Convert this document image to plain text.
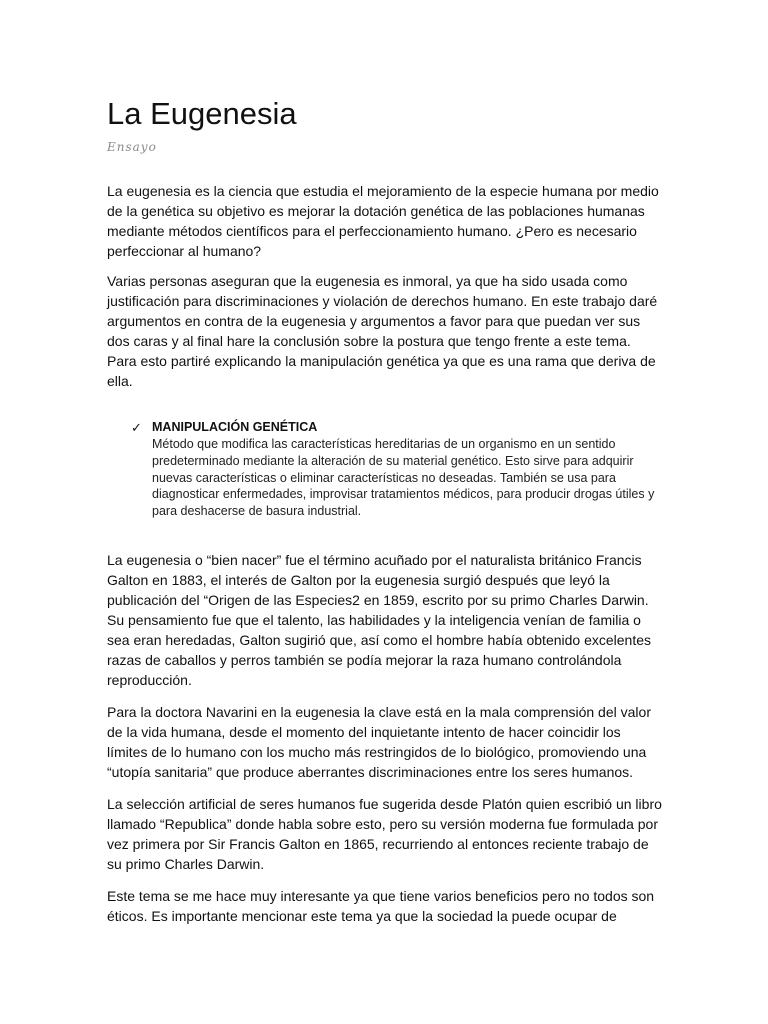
La Eugenesia
Ensayo

La eugenesia es la ciencia que estudia el mejoramiento de la especie humana por medio de la genética su objetivo es mejorar la dotación genética de las poblaciones humanas mediante métodos científicos para el perfeccionamiento humano. ¿Pero es necesario perfeccionar al humano?

Varias personas aseguran que la eugenesia es inmoral, ya que ha sido usada como justificación para discriminaciones y violación de derechos humano. En este trabajo daré argumentos en contra de la eugenesia y argumentos a favor para que puedan ver sus dos caras y al final hare la conclusión sobre la postura que tengo frente a este tema. Para esto partiré explicando la manipulación genética ya que es una rama que deriva de ella.

✓ MANIPULACIÓN GENÉTICA

Método que modifica las características hereditarias de un organismo en un sentido predeterminado mediante la alteración de su material genético. Esto sirve para adquirir nuevas características o eliminar características no deseadas. También se usa para diagnosticar enfermedades, improvisar tratamientos médicos, para producir drogas útiles y para deshacerse de basura industrial.

La eugenesia o “bien nacer” fue el término acuñado por el naturalista británico Francis Galton en 1883, el interés de Galton por la eugenesia surgió después que leyó la publicación del “Origen de las Especies2 en 1859, escrito por su primo Charles Darwin. Su pensamiento fue que el talento, las habilidades y la inteligencia venían de familia o sea eran heredadas, Galton sugirió que, así como el hombre había obtenido excelentes razas de caballos y perros también se podía mejorar la raza humano controlándola reproducción.

Para la doctora Navarini en la eugenesia la clave está en la mala comprensión del valor de la vida humana, desde el momento del inquietante intento de hacer coincidir los límites de lo humano con los mucho más restringidos de lo biológico, promoviendo una “utopía sanitaria” que produce aberrantes discriminaciones entre los seres humanos.

La selección artificial de seres humanos fue sugerida desde Platón quien escribió un libro llamado “Republica” donde habla sobre esto, pero su versión moderna fue formulada por vez primera por Sir Francis Galton en 1865, recurriendo al entonces reciente trabajo de su primo Charles Darwin.

Este tema se me hace muy interesante ya que tiene varios beneficios pero no todos son éticos. Es importante mencionar este tema ya que la sociedad la puede ocupar de
